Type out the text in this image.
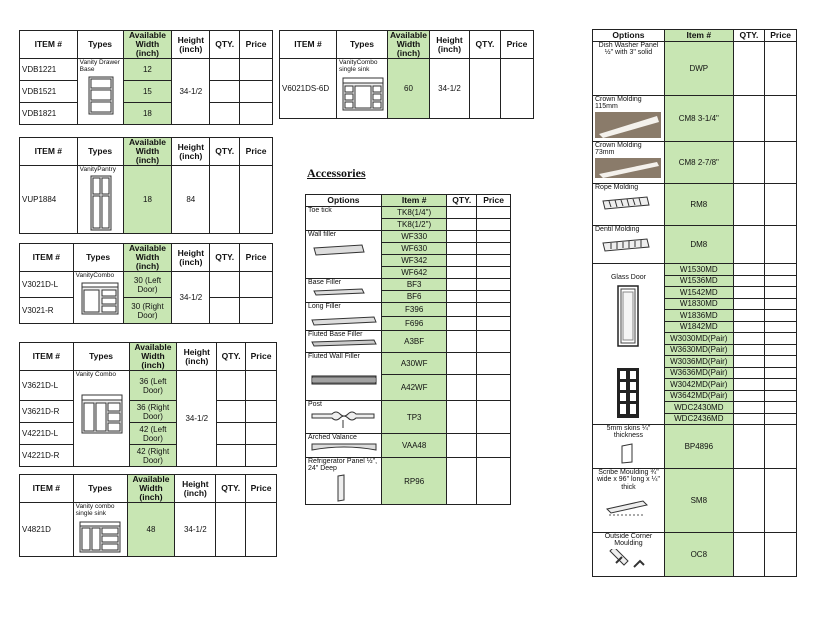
ITEM #	Types	Available Width (inch)	Height (inch)	QTY.	Price
VDB1221	Vanity Drawer Base	12	34-1/2		
VDB1521		15			
VDB1821		18			
ITEM #	Types	Available Width (inch)	Height (inch)	QTY.	Price
VUP1884	VanityPantry	18	84		
ITEM #	Types	Available Width (inch)	Height (inch)	QTY.	Price
V3021D-L	VanityCombo	30 (Left Door)	34-1/2		
V3021-R		30 (Right Door)			
ITEM #	Types	Available Width (inch)	Height (inch)	QTY.	Price
V3621D-L	Vanity Combo	36 (Left Door)	34-1/2		
V3621D-R		36 (Right Door)			
V4221D-L		42 (Left Door)			
V4221D-R		42 (Right Door)			
ITEM #	Types	Available Width (inch)	Height (inch)	QTY.	Price
V4821D	Vanity combo single sink	48	34-1/2		
ITEM #	Types	Available Width (inch)	Height (inch)	QTY.	Price
V6021DS-6D	VanityCombo single sink	60	34-1/2		
Accessories
Options	Item #	QTY.	Price
Toe tick	TK8(1/4")		
	TK8(1/2")		

Wall filler	WF330		
	WF630		
	WF342		
	WF642		

Base Filler	BF3		
	BF6		

Long Filler	F396		
	F696		

Fluted Base Filler	A3BF		

Fluted Wall Filler	A30WF		
	A42WF		

Post	TP3		

Arched Valance	VAA48		

Refrigerator Panel ½", 24" Deep	RP96		
Options	Item #	QTY.	Price
Dish Washer Panel ½" with 3" solid	DWP		

Crown Molding 115mm	CM8 3-1/4"		

Crown Molding 73mm	CM8 2-7/8"		

Rope Molding	RM8		

Dentil Molding	DM8		

Glass Door	W1530MD		
	W1536MD		
	W1542MD		
	W1830MD		
	W1836MD		
	W1842MD		
	W3030MD(Pair)		
	W3630MD(Pair)		
	W3036MD(Pair)		
	W3636MD(Pair)		
	W3042MD(Pair)		
	W3642MD(Pair)		
	WDC2430MD		
	WDC2436MD		

5mm skins ¼" thickness	BP4896		

Scribe Moulding ¾" wide x 96" long x ¼" thick	SM8		

Outside Corner Moulding	OC8		
